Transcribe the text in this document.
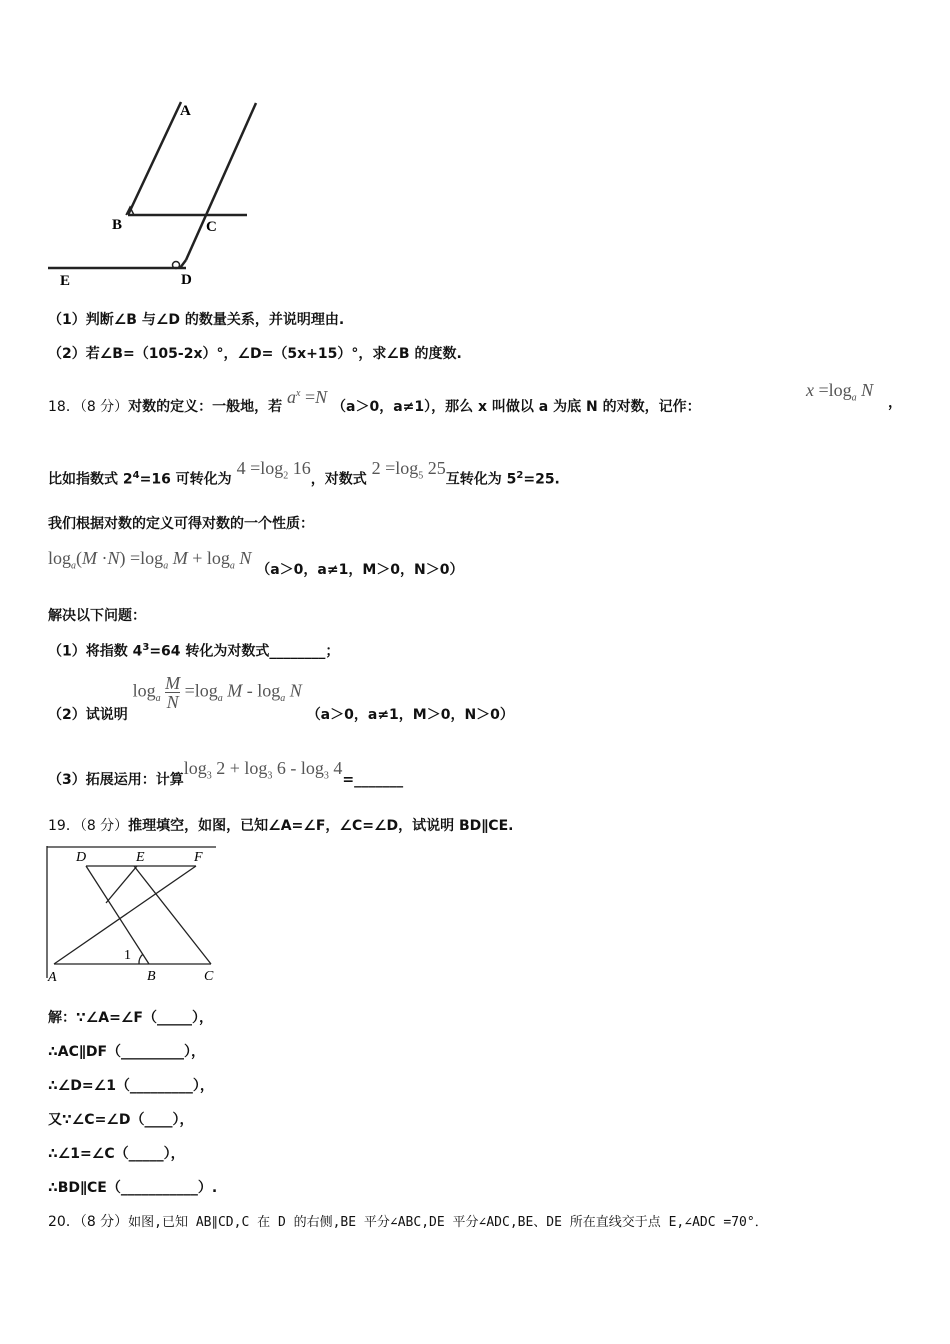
A
B	C
D
E
（1）判断∠B 与∠D 的数量关系，并说明理由.
（2）若∠B=（105-2x）°，∠D=（5x+15）°，求∠B 的度数.
18．（8 分）对数的定义：一般地，若 $a^x =N$ （a＞0，a≠1），那么 x 叫做以 a 为底 N 的对数，记作：
$x =\log_a$ N
，
比如指数式 $2^4=16$ 可转化为 $4 =\log_2$ 16，对数式 $2 =\log_5$ 25互转化为 $5^2=25$.
我们根据对数的定义可得对数的一个性质：
$\log_a(M \cdot N) =\log_a$ $M + \log_a N$ （a＞0，a≠1，M＞0，N＞0）
解决以下问题：
（1）将指数 $4^3=64$ 转化为对数式________；
（2）试说明 $\log_a \frac{M}{N} =\log_a$ M - $\log_a N$ （a＞0，a≠1，M＞0，N＞0）
（3）拓展运用：计算$\log_3 2 + \log_3 6 - \log_3$ 4=_______
19．（8 分）推理填空，如图，已知∠A=∠F，∠C=∠D，试说明 BD∥CE.
D	E	F
1
A	B	C
解：∵∠A=∠F（_____），
∴AC∥DF（_________），
∴∠D=∠1（_________），
又∵∠C=∠D（____），
∴∠1=∠C（_____），
∴BD∥CE（___________）.
20．（8 分）如图,已知 AB∥CD,C 在 D 的右侧,BE 平分∠ABC,DE 平分∠ADC,BE、DE 所在直线交于点 E,∠ADC =70°．
